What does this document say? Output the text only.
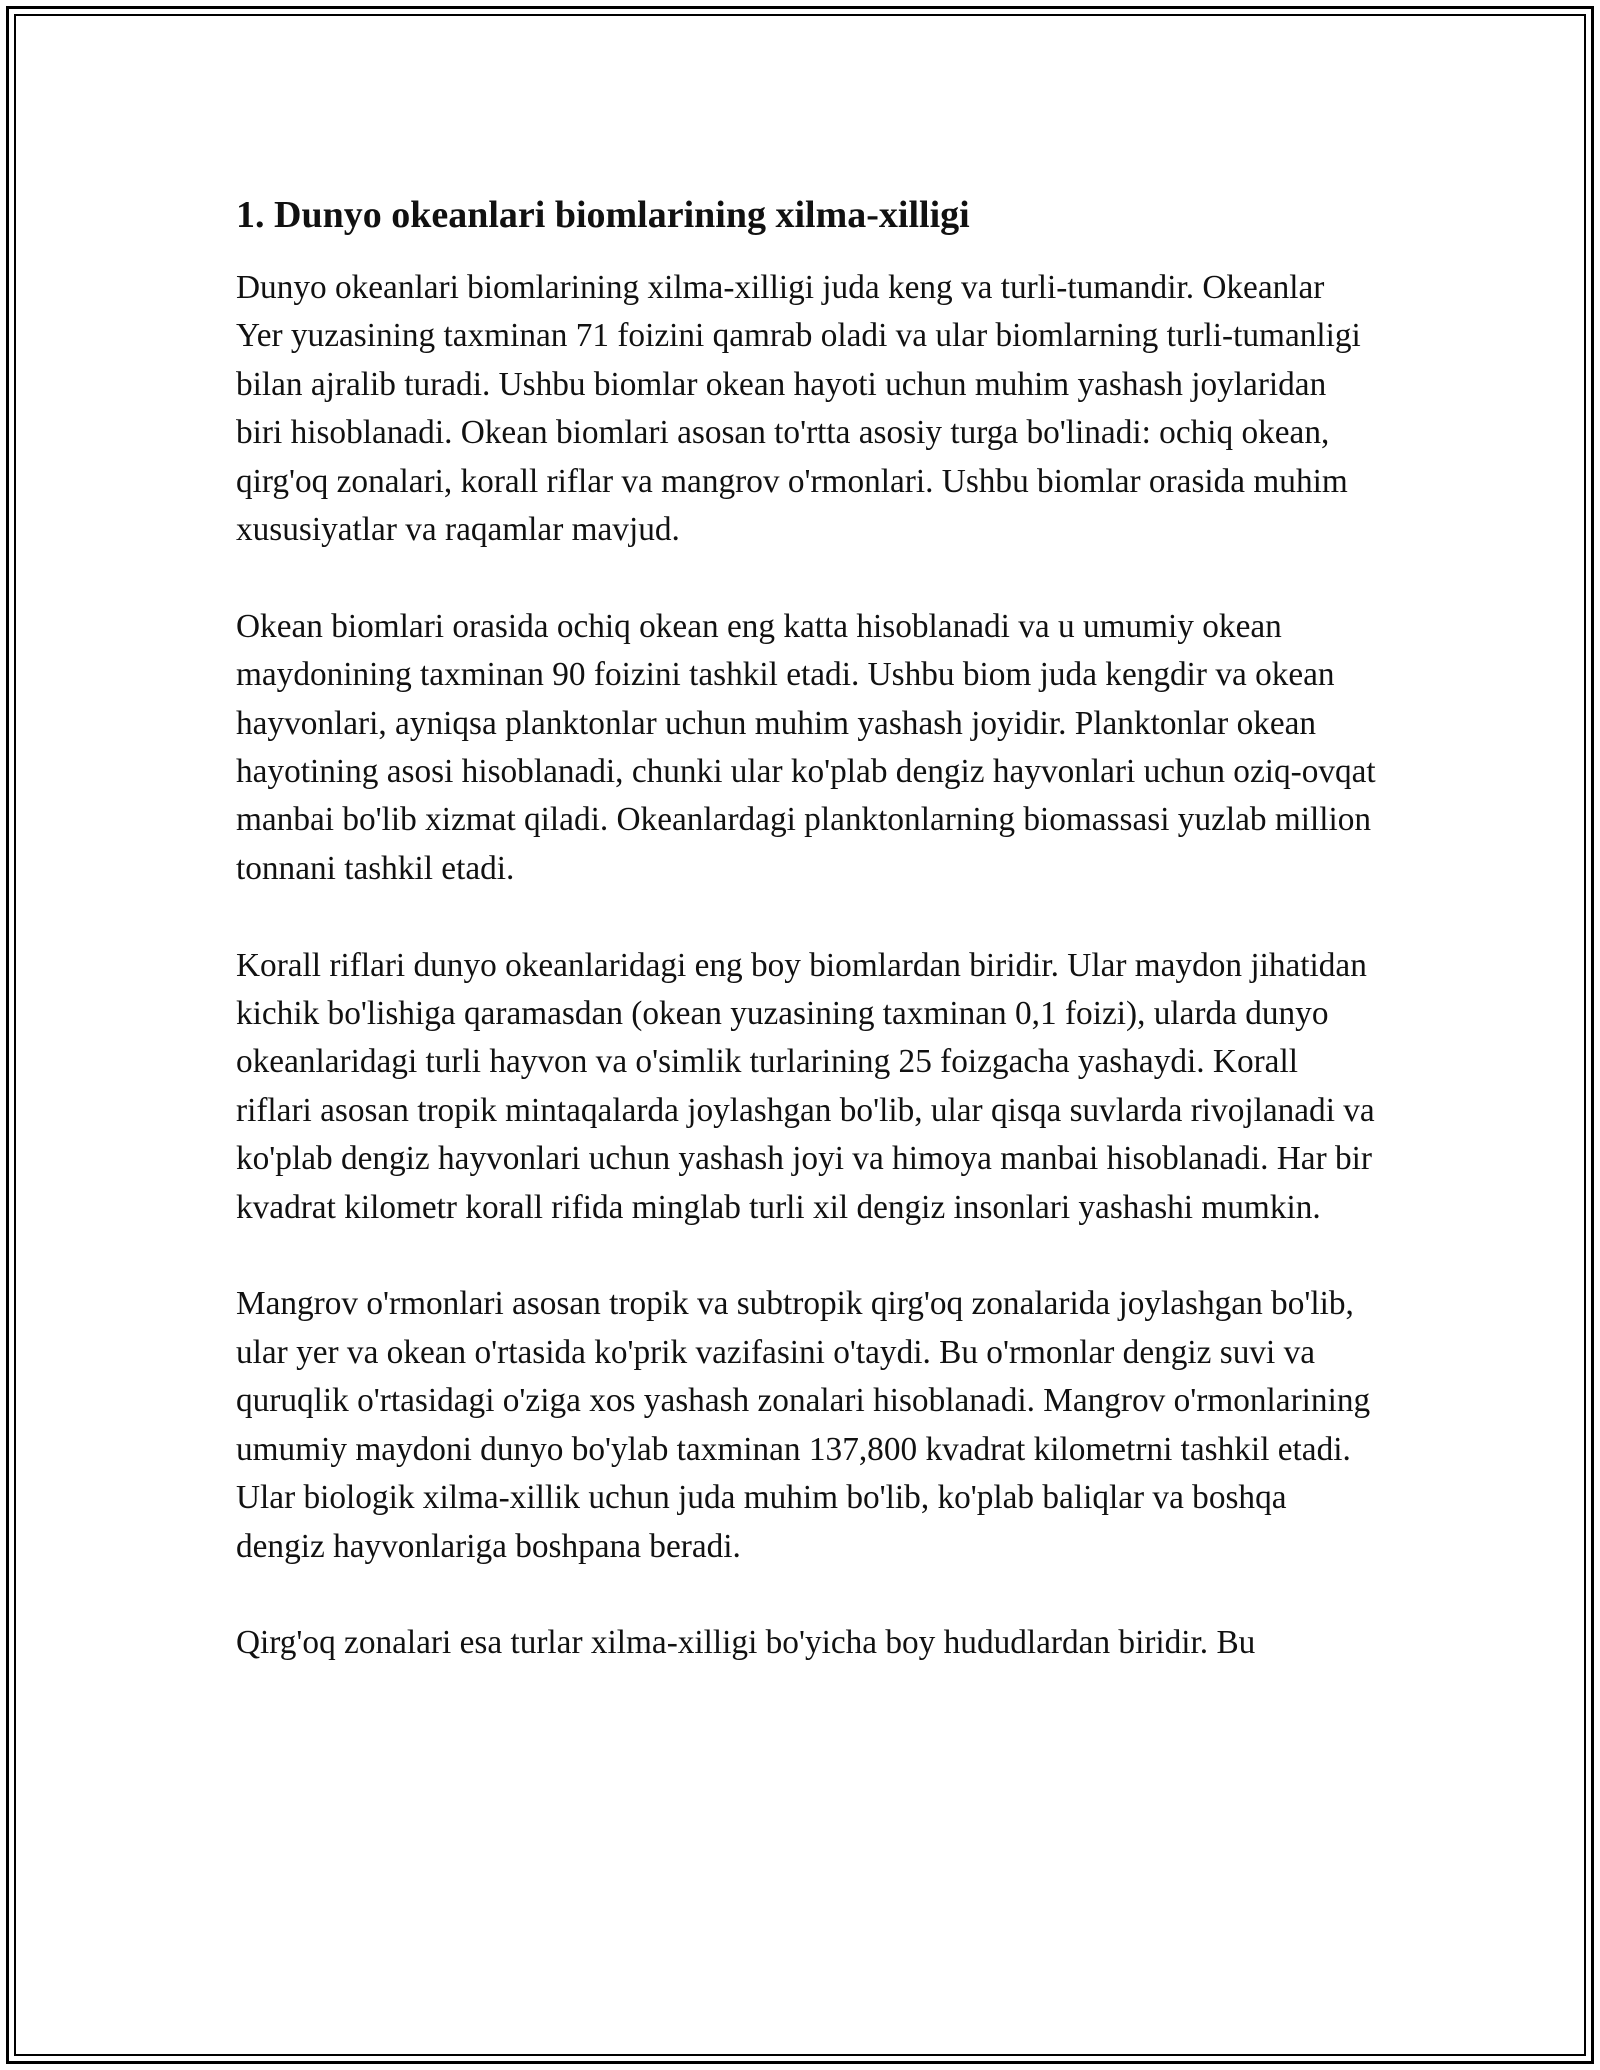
1. Dunyo okeanlari biomlarining xilma-xilligi

Dunyo okeanlari biomlarining xilma-xilligi juda keng va turli-tumandir. Okeanlar Yer yuzasining taxminan 71 foizini qamrab oladi va ular biomlarning turli-tumanligi bilan ajralib turadi. Ushbu biomlar okean hayoti uchun muhim yashash joylaridan biri hisoblanadi. Okean biomlari asosan to'rtta asosiy turga bo'linadi: ochiq okean, qirg'oq zonalari, korall riflar va mangrov o'rmonlari. Ushbu biomlar orasida muhim xususiyatlar va raqamlar mavjud.

Okean biomlari orasida ochiq okean eng katta hisoblanadi va u umumiy okean maydonining taxminan 90 foizini tashkil etadi. Ushbu biom juda kengdir va okean hayvonlari, ayniqsa planktonlar uchun muhim yashash joyidir. Planktonlar okean hayotining asosi hisoblanadi, chunki ular ko'plab dengiz hayvonlari uchun oziq-ovqat manbai bo'lib xizmat qiladi. Okeanlardagi planktonlarning biomassasi yuzlab million tonnani tashkil etadi.

Korall riflari dunyo okeanlaridagi eng boy biomlardan biridir. Ular maydon jihatidan kichik bo'lishiga qaramasdan (okean yuzasining taxminan 0,1 foizi), ularda dunyo okeanlaridagi turli hayvon va o'simlik turlarining 25 foizgacha yashaydi. Korall riflari asosan tropik mintaqalarda joylashgan bo'lib, ular qisqa suvlarda rivojlanadi va ko'plab dengiz hayvonlari uchun yashash joyi va himoya manbai hisoblanadi. Har bir kvadrat kilometr korall rifida minglab turli xil dengiz insonlari yashashi mumkin.

Mangrov o'rmonlari asosan tropik va subtropik qirg'oq zonalarida joylashgan bo'lib, ular yer va okean o'rtasida ko'prik vazifasini o'taydi. Bu o'rmonlar dengiz suvi va quruqlik o'rtasidagi o'ziga xos yashash zonalari hisoblanadi. Mangrov o'rmonlarining umumiy maydoni dunyo bo'ylab taxminan 137,800 kvadrat kilometrni tashkil etadi. Ular biologik xilma-xillik uchun juda muhim bo'lib, ko'plab baliqlar va boshqa dengiz hayvonlariga boshpana beradi.

Qirg'oq zonalari esa turlar xilma-xilligi bo'yicha boy hududlardan biridir. Bu
